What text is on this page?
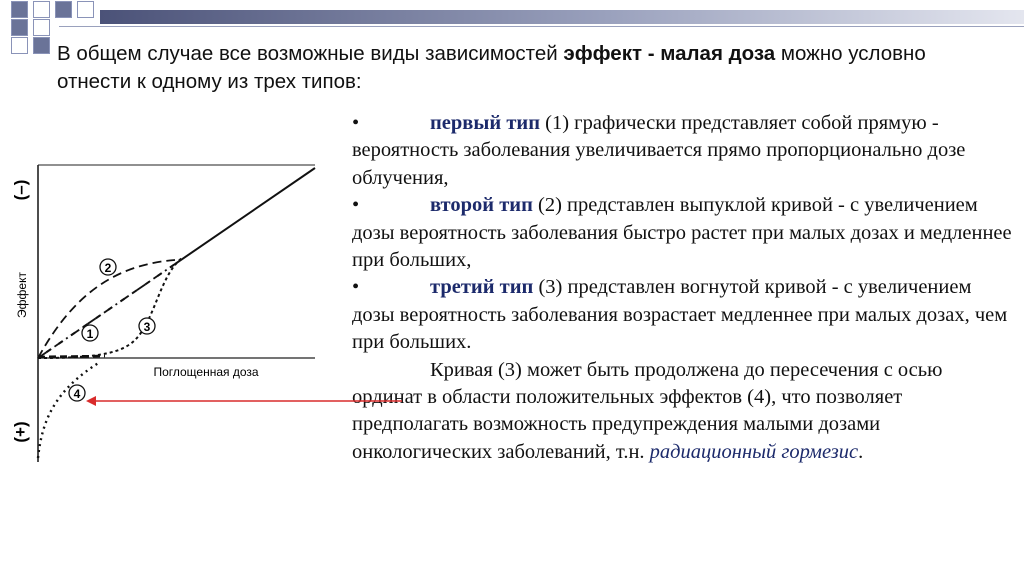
В общем случае все возможные виды зависимостей эффект - малая доза можно условно отнести к одному из трех типов:

•	первый тип (1) графически представляет собой прямую - вероятность заболевания увеличивается прямо пропорционально дозе облучения,

•	второй тип (2) представлен выпуклой кривой - с увеличением дозы вероятность заболевания быстро растет при малых дозах и медленнее при больших,

•	третий тип (3) представлен вогнутой кривой - с увеличением дозы вероятность заболевания возрастает медленнее при малых дозах, чем при больших.

Кривая (3) может быть продолжена до пересечения с осью ординат в области положительных эффектов (4), что позволяет предполагать возможность предупреждения малыми дозами онкологических заболеваний, т.н. радиационный гормезис.

1
2
3
4
(–)
(+)
Эффект
Поглощенная доза
